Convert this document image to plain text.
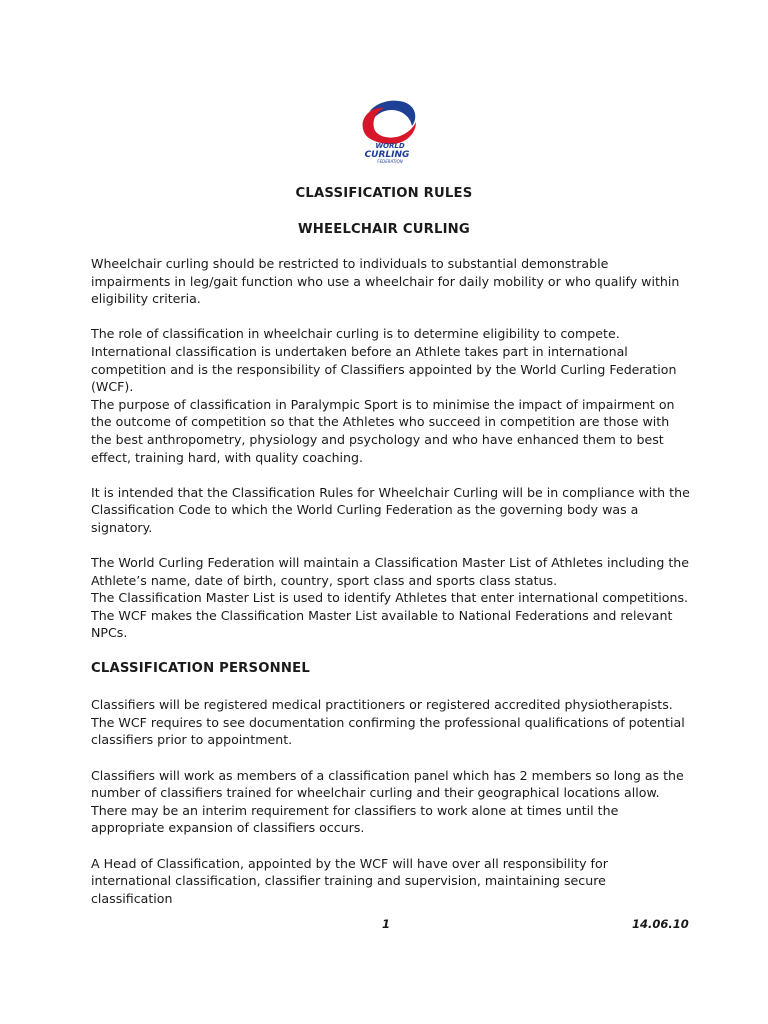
WORLD
CURLING
FEDERATION
CLASSIFICATION RULES
WHEELCHAIR CURLING

Wheelchair curling should be restricted to individuals to substantial demonstrable impairments in leg/gait function who use a wheelchair for daily mobility or who qualify within eligibility criteria.

The role of classification in wheelchair curling is to determine eligibility to compete. International classification is undertaken before an Athlete takes part in international competition and is the responsibility of Classifiers appointed by the World Curling Federation (WCF).

The purpose of classification in Paralympic Sport is to minimise the impact of impairment on the outcome of competition so that the Athletes who succeed in competition are those with the best anthropometry, physiology and psychology and who have enhanced them to best effect, training hard, with quality coaching.

It is intended that the Classification Rules for Wheelchair Curling will be in compliance with the Classification Code to which the World Curling Federation as the governing body was a signatory.

The World Curling Federation will maintain a Classification Master List of Athletes including the Athlete’s name, date of birth, country, sport class and sports class status.

The Classification Master List is used to identify Athletes that enter international competitions.

The WCF makes the Classification Master List available to National Federations and relevant NPCs.

CLASSIFICATION PERSONNEL

Classifiers will be registered medical practitioners or registered accredited physiotherapists. The WCF requires to see documentation confirming the professional qualifications of potential classifiers prior to appointment.

Classifiers will work as members of a classification panel which has 2 members so long as the number of classifiers trained for wheelchair curling and their geographical locations allow. There may be an interim requirement for classifiers to work alone at times until the appropriate expansion of classifiers occurs.

A Head of Classification, appointed by the WCF will have over all responsibility for international classification, classifier training and supervision, maintaining secure classification

1	14.06.10
